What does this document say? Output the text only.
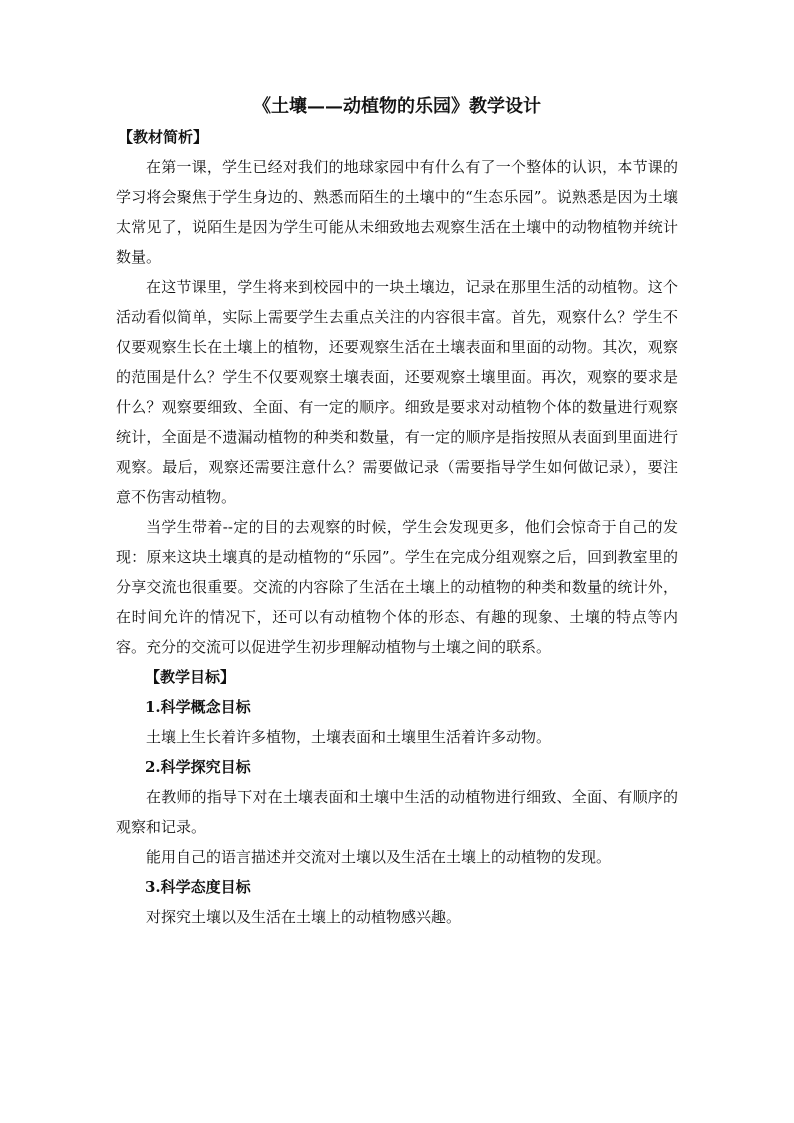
《土壤——动植物的乐园》教学设计
【教材简析】

在第一课，学生已经对我们的地球家园中有什么有了一个整体的认识，本节课的学习将会聚焦于学生身边的、熟悉而陌生的土壤中的“生态乐园”。说熟悉是因为土壤太常见了，说陌生是因为学生可能从未细致地去观察生活在土壤中的动物植物并统计数量。

在这节课里，学生将来到校园中的一块土壤边，记录在那里生活的动植物。这个活动看似简单，实际上需要学生去重点关注的内容很丰富。首先，观察什么？学生不仅要观察生长在土壤上的植物，还要观察生活在土壤表面和里面的动物。其次，观察的范围是什么？学生不仅要观察土壤表面，还要观察土壤里面。再次，观察的要求是什么？观察要细致、全面、有一定的顺序。细致是要求对动植物个体的数量进行观察统计，全面是不遗漏动植物的种类和数量，有一定的顺序是指按照从表面到里面进行观察。最后，观察还需要注意什么？需要做记录（需要指导学生如何做记录），要注意不伤害动植物。

当学生带着--定的目的去观察的时候，学生会发现更多，他们会惊奇于自己的发现：原来这块土壤真的是动植物的“乐园”。学生在完成分组观察之后，回到教室里的分享交流也很重要。交流的内容除了生活在土壤上的动植物的种类和数量的统计外，在时间允许的情况下，还可以有动植物个体的形态、有趣的现象、土壤的特点等内容。充分的交流可以促进学生初步理解动植物与土壤之间的联系。

【教学目标】
1.科学概念目标

土壤上生长着许多植物，土壤表面和土壤里生活着许多动物。

2.科学探究目标

在教师的指导下对在土壤表面和土壤中生活的动植物进行细致、全面、有顺序的观察和记录。

能用自己的语言描述并交流对土壤以及生活在土壤上的动植物的发现。

3.科学态度目标

对探究土壤以及生活在土壤上的动植物感兴趣。
